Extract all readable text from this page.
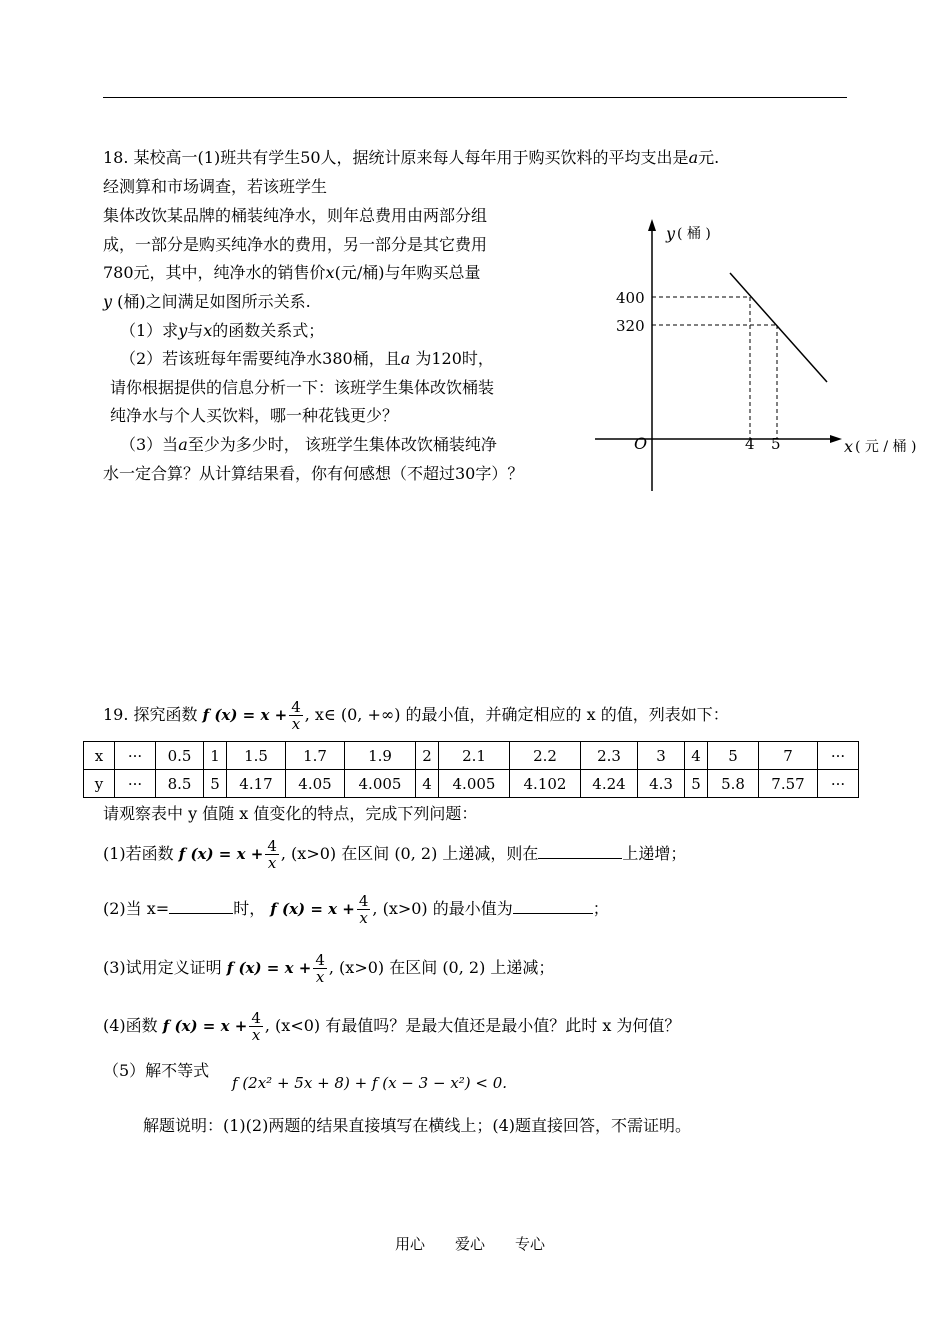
18. 某校高一(1)班共有学生50人，据统计原来每人每年用于购买饮料的平均支出是a元.
经测算和市场调查，若该班学生
集体改饮某品牌的桶装纯净水，则年总费用由两部分组
成，一部分是购买纯净水的费用，另一部分是其它费用
780元，其中，纯净水的销售价x(元/桶)与年购买总量
y (桶)之间满足如图所示关系.
（1）求y与x的函数关系式；
（2）若该班每年需要纯净水380桶，且a 为120时，
请你根据提供的信息分析一下：该班学生集体改饮桶装
纯净水与个人买饮料，哪一种花钱更少？
（3）当a至少为多少时， 该班学生集体改饮桶装纯净
水一定合算？从计算结果看，你有何感想（不超过30字）？
y ( 桶 )
400
320
O	4 5	x ( 元 / 桶 )
19. 探究函数 f $(x) = x + \frac{4}{x}$ , x∈ (0, +∞) 的最小值，并确定相应的 x 的值，列表如下：
x	···	0.5	1	1.5	1.7	1.9	2	2.1	2.2	2.3	3	4	5	7	···
y	···	8.5	5	4.17	4.05	4.005	4	4.005	4.102	4.24	4.3	5	5.8	7.57	···
请观察表中 y 值随 x 值变化的特点，完成下列问题：
(1)若函数 f $(x) = x + \frac{4}{x}$ , (x>0) 在区间 (0, 2) 上递减，则在	上递增；
(2)当 x=	时， f $(x) = x + \frac{4}{x}$ , (x>0) 的最小值为	；
(3)试用定义证明 f $(x) = x + \frac{4}{x}$ , (x>0) 在区间 (0, 2) 上递减；
(4)函数 f $(x) = x + \frac{4}{x}$ , (x<0) 有最值吗？是最大值还是最小值？此时 x 为何值？
（5）解不等式
f (2x² + 5x + 8) + f (x − 3 − x²) < 0.
解题说明：(1)(2)两题的结果直接填写在横线上；(4)题直接回答，不需证明。
用心　　爱心　　专心
